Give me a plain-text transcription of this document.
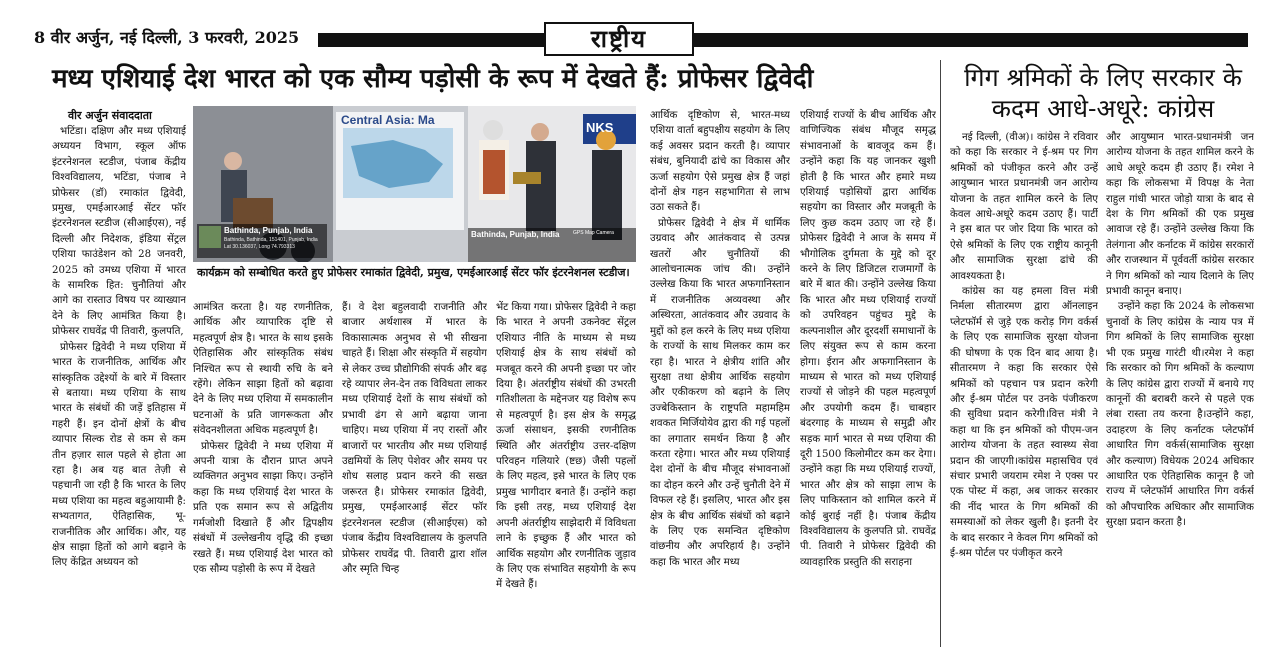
8 वीर अर्जुन, नई दिल्ली, 3 फरवरी, 2025	राष्ट्रीय
मध्य एशियाई देश भारत को एक सौम्य पड़ोसी के रूप में देखते हैं: प्रोफेसर द्विवेदी	गिग श्रमिकों के लिए सरकार के कदम आधे-अधूरे: कांग्रेस
वीर अर्जुन संवाददाता

भटिंडा। दक्षिण और मध्य एशियाई अध्ययन विभाग, स्कूल ऑफ इंटरनेशनल स्टडीज, पंजाब केंद्रीय विश्वविद्यालय, भटिंडा, पंजाब ने प्रोफेसर (डॉ) रमाकांत द्विवेदी, प्रमुख, एमईआरआई सेंटर फॉर इंटरनेशनल स्टडीज (सीआईएस), नई दिल्ली और निदेशक, इंडिया सेंट्रल एशिया फाउंडेशन को 28 जनवरी, 2025 को उमध्य एशिया में भारत के सामरिक हित: चुनौतियां और आगे का रास्ताउ विषय पर व्याख्यान देने के लिए आमंत्रित किया है। प्रोफेसर राघवेंद्र पी तिवारी, कुलपति,

प्रोफेसर द्विवेदी ने मध्य एशिया में भारत के राजनीतिक, आर्थिक और सांस्कृतिक उद्देश्यों के बारे में विस्तार से बताया। मध्य एशिया के साथ भारत के संबंधों की जड़ें इतिहास में गहरी हैं। इन दोनों क्षेत्रों के बीच व्यापार सिल्क रोड से कम से कम तीन हज़ार साल पहले से होता आ रहा है। अब यह बात तेज़ी से पहचानी जा रही है कि भारत के लिए मध्य एशिया का महत्व बहुआयामी है: सभ्यतागत, ऐतिहासिक, भू-राजनीतिक और आर्थिक। और, यह क्षेत्र साझा हितों को आगे बढ़ाने के लिए केंद्रित अध्ययन को

Central Asia: Ma	NKS
Bathinda, Punjab, India
Bathinda, Bathinda, 151401, Punjab, India
Lat 30.136037, Long 74.793313
Bathinda, Punjab, India	GPS Map Camera
कार्यक्रम को सम्बोधित करते हुए प्रोफेसर रमाकांत द्विवेदी, प्रमुख, एमईआरआई सेंटर फॉर इंटरनेशनल स्टडीज।

आमंत्रित करता है। यह रणनीतिक, आर्थिक और व्यापारिक दृष्टि से महत्वपूर्ण क्षेत्र है। भारत के साथ इसके ऐतिहासिक और सांस्कृतिक संबंध निश्चित रूप से स्थायी रुचि के बने रहेंगे। लेकिन साझा हितों को बढ़ावा देने के लिए मध्य एशिया में समकालीन घटनाओं के प्रति जागरूकता और संवेदनशीलता अधिक महत्वपूर्ण है।

प्रोफेसर द्विवेदी ने मध्य एशिया में अपनी यात्रा के दौरान प्राप्त अपने व्यक्तिगत अनुभव साझा किए। उन्होंने कहा कि मध्य एशियाई देश भारत के प्रति एक समान रूप से अद्वितीय गर्मजोशी दिखाते हैं और द्विपक्षीय संबंधों में उल्लेखनीय वृद्धि की इच्छा रखते हैं। मध्य एशियाई देश भारत को एक सौम्य पड़ोसी के रूप में देखते

हैं। वे देश बहुलवादी राजनीति और बाजार अर्थशास्त्र में भारत के विकासात्मक अनुभव से भी सीखना चाहते हैं। शिक्षा और संस्कृति में सहयोग से लेकर उच्च प्रौद्योगिकी संपर्क और बढ़ रहे व्यापार लेन-देन तक विविधता लाकर मध्य एशियाई देशों के साथ संबंधों को प्रभावी ढंग से आगे बढ़ाया जाना चाहिए। मध्य एशिया में नए रास्तों और बाजारों पर भारतीय और मध्य एशियाई उद्यमियों के लिए पेशेवर और समय पर शोध सलाह प्रदान करने की सख्त जरूरत है। प्रोफेसर रमाकांत द्विवेदी, प्रमुख, एमईआरआई सेंटर फॉर इंटरनेशनल स्टडीज (सीआईएस) को पंजाब केंद्रीय विश्वविद्यालय के कुलपति प्रोफेसर राघवेंद्र पी. तिवारी द्वारा शॉल और स्मृति चिन्ह

भेंट किया गया। प्रोफेसर द्विवेदी ने कहा कि भारत ने अपनी उकनेक्ट सेंट्रल एशियाउ नीति के माध्यम से मध्य एशियाई क्षेत्र के साथ संबंधों को मजबूत करने की अपनी इच्छा पर जोर दिया है। अंतर्राष्ट्रीय संबंधों की उभरती गतिशीलता के मद्देनजर यह विशेष रूप से महत्वपूर्ण है। इस क्षेत्र के समृद्ध ऊर्जा संसाधन, इसकी रणनीतिक स्थिति और अंतर्राष्ट्रीय उत्तर-दक्षिण परिवहन गलियारे (ष्टछ) जैसी पहलों के लिए महत्व, इसे भारत के लिए एक प्रमुख भागीदार बनाते हैं। उन्होंने कहा कि इसी तरह, मध्य एशियाई देश अपनी अंतर्राष्ट्रीय साझेदारी में विविधता लाने के इच्छुक हैं और भारत को आर्थिक सहयोग और रणनीतिक जुड़ाव के लिए एक संभावित सहयोगी के रूप में देखते हैं।

आर्थिक दृष्टिकोण से, भारत-मध्य एशिया वार्ता बहुपक्षीय सहयोग के लिए कई अवसर प्रदान करती है। व्यापार संबंध, बुनियादी ढांचे का विकास और ऊर्जा सहयोग ऐसे प्रमुख क्षेत्र हैं जहां दोनों क्षेत्र गहन सहभागिता से लाभ उठा सकते हैं।

प्रोफेसर द्विवेदी ने क्षेत्र में धार्मिक उग्रवाद और आतंकवाद से उत्पन्न खतरों और चुनौतियों की आलोचनात्मक जांच की। उन्होंने उल्लेख किया कि भारत अफगानिस्तान में राजनीतिक अव्यवस्था और अस्थिरता, आतंकवाद और उग्रवाद के मुद्दों को हल करने के लिए मध्य एशिया के राज्यों के साथ मिलकर काम कर रहा है। भारत ने क्षेत्रीय शांति और सुरक्षा तथा क्षेत्रीय आर्थिक सहयोग और एकीकरण को बढ़ाने के लिए उज्बेकिस्तान के राष्ट्रपति महामहिम शवकत मिर्जियोयेव द्वारा की गई पहलों का लगातार समर्थन किया है और करता रहेगा। भारत और मध्य एशियाई देश दोनों के बीच मौजूद संभावनाओं का दोहन करने और उन्हें चुनौती देने में विफल रहे हैं। इसलिए, भारत और इस क्षेत्र के बीच आर्थिक संबंधों को बढ़ाने के लिए एक समन्वित दृष्टिकोण वांछनीय और अपरिहार्य है। उन्होंने कहा कि भारत और मध्य

एशियाई राज्यों के बीच आर्थिक और वाणिज्यिक संबंध मौजूद समृद्ध संभावनाओं के बावजूद कम हैं। उन्होंने कहा कि यह जानकर खुशी होती है कि भारत और हमारे मध्य एशियाई पड़ोसियों द्वारा आर्थिक सहयोग का विस्तार और मजबूती के लिए कुछ कदम उठाए जा रहे हैं। प्रोफेसर द्विवेदी ने आज के समय में भौगोलिक दुर्गमता के मुद्दे को दूर करने के लिए डिजिटल राजमार्गों के बारे में बात की। उन्होंने उल्लेख किया कि भारत और मध्य एशियाई राज्यों को उपरिवहन पहुंचउ मुद्दे के कल्पनाशील और दूरदर्शी समाधानों के लिए संयुक्त रूप से काम करना होगा। ईरान और अफगानिस्तान के माध्यम से भारत को मध्य एशियाई राज्यों से जोड़ने की पहल महत्वपूर्ण और उपयोगी कदम हैं। चाबहार बंदरगाह के माध्यम से समुद्री और सड़क मार्ग भारत से मध्य एशिया की दूरी 1500 किलोमीटर कम कर देगा। उन्होंने कहा कि मध्य एशियाई राज्यों, भारत और क्षेत्र को साझा लाभ के लिए पाकिस्तान को शामिल करने में कोई बुराई नहीं है। पंजाब केंद्रीय विश्वविद्यालय के कुलपति प्रो. राघवेंद्र पी. तिवारी ने प्रोफेसर द्विवेदी की व्यावहारिक प्रस्तुति की सराहना

नई दिल्ली, (वीअ)। कांग्रेस ने रविवार को कहा कि सरकार ने ई-श्रम पर गिग श्रमिकों को पंजीकृत करने और उन्हें आयुष्मान भारत प्रधानमंत्री जन आरोग्य योजना के तहत शामिल करने के लिए केवल आधे-अधूरे कदम उठाए हैं। पार्टी ने इस बात पर जोर दिया कि भारत को ऐसे श्रमिकों के लिए एक राष्ट्रीय कानूनी और सामाजिक सुरक्षा ढांचे की आवश्यकता है।

कांग्रेस का यह हमला वित्त मंत्री निर्मला सीतारमण द्वारा ऑनलाइन प्लेटफॉर्म से जुड़े एक करोड़ गिग वर्कर्स के लिए एक सामाजिक सुरक्षा योजना की घोषणा के एक दिन बाद आया है। सीतारमण ने कहा कि सरकार ऐसे श्रमिकों को पहचान पत्र प्रदान करेगी और ई-श्रम पोर्टल पर उनके पंजीकरण की सुविधा प्रदान करेगी।वित्त मंत्री ने कहा था कि इन श्रमिकों को पीएम-जन आरोग्य योजना के तहत स्वास्थ्य सेवा प्रदान की जाएगी।कांग्रेस महासचिव एवं संचार प्रभारी जयराम रमेश ने एक्स पर एक पोस्ट में कहा, अब जाकर सरकार की नींद भारत के गिग श्रमिकों की समस्याओं को लेकर खुली है। इतनी देर के बाद सरकार ने केवल गिग श्रमिकों को ई-श्रम पोर्टल पर पंजीकृत करने

और आयुष्मान भारत-प्रधानमंत्री जन आरोग्य योजना के तहत शामिल करने के आधे अधूरे कदम ही उठाए हैं। रमेश ने कहा कि लोकसभा में विपक्ष के नेता राहुल गांधी भारत जोड़ो यात्रा के बाद से देश के गिग श्रमिकों की एक प्रमुख आवाज रहे हैं। उन्होंने उल्लेख किया कि तेलंगाना और कर्नाटक में कांग्रेस सरकारों और राजस्थान में पूर्ववर्ती कांग्रेस सरकार ने गिग श्रमिकों को न्याय दिलाने के लिए प्रभावी कानून बनाए।

उन्होंने कहा कि 2024 के लोकसभा चुनावों के लिए कांग्रेस के न्याय पत्र में गिग श्रमिकों के लिए सामाजिक सुरक्षा भी एक प्रमुख गारंटी थी।रमेश ने कहा कि सरकार को गिग श्रमिकों के कल्याण के लिए कांग्रेस द्वारा राज्यों में बनाये गए कानूनों की बराबरी करने से पहले एक लंबा रास्ता तय करना है।उन्होंने कहा, उदाहरण के लिए कर्नाटक प्लेटफॉर्म आधारित गिग वर्कर्स(सामाजिक सुरक्षा और कल्याण) विधेयक 2024 अधिकार आधारित एक ऐतिहासिक कानून है जो राज्य में प्लेटफॉर्म आधारित गिग वर्कर्स को औपचारिक अधिकार और सामाजिक सुरक्षा प्रदान करता है।
